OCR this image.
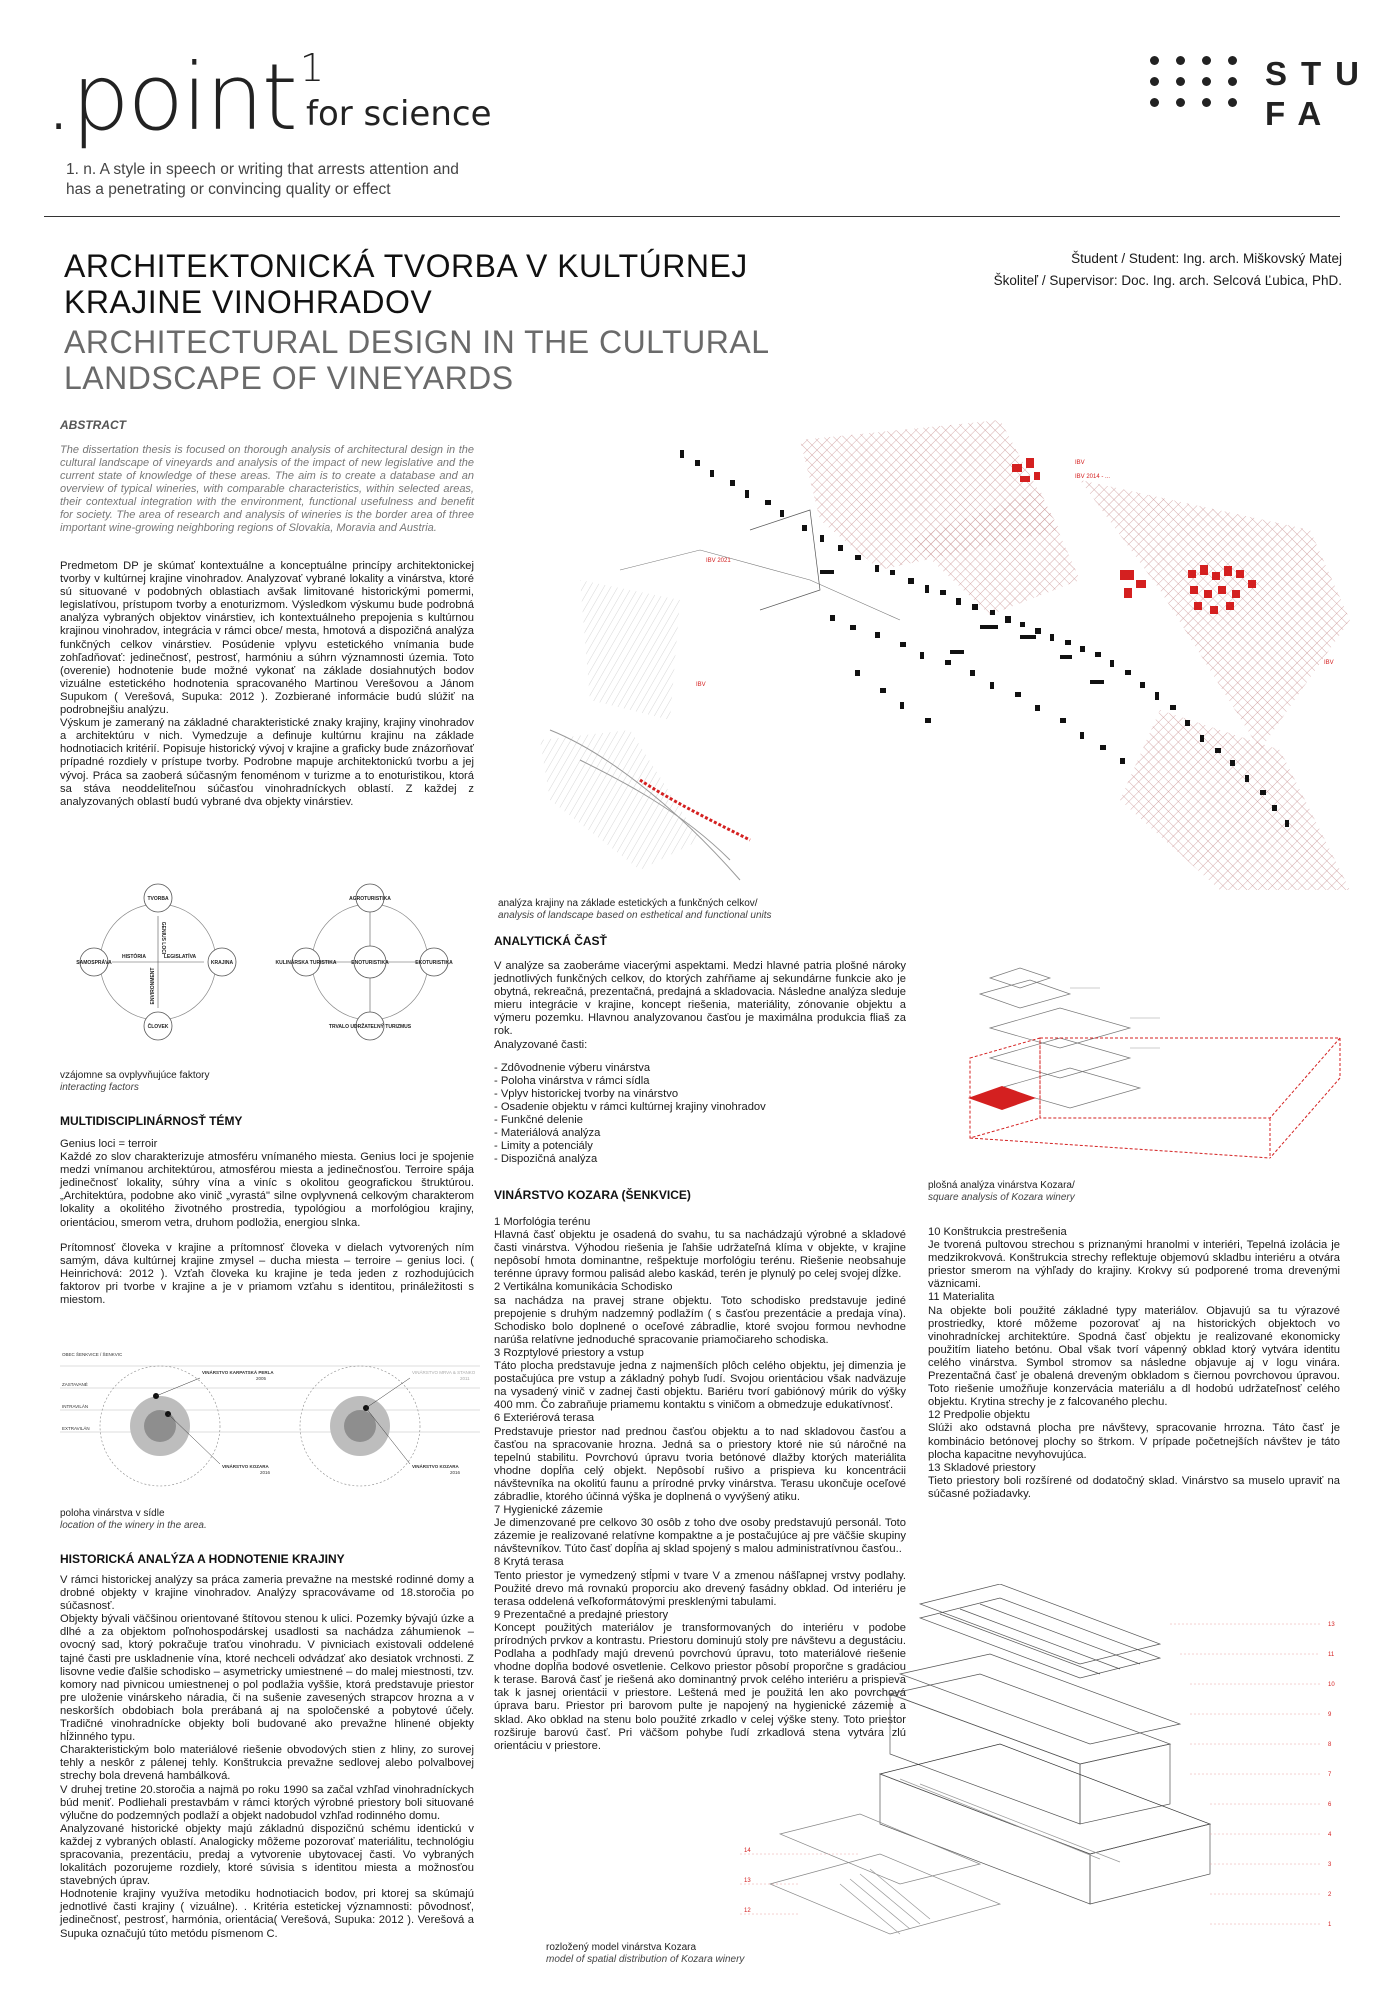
.point $^1$
for science
1. n. A style in speech or writing that arrests attention and has a penetrating or convincing quality or effect
STU
FA
ARCHITEKTONICKÁ TVORBA V KULTÚRNEJ
KRAJINE VINOHRADOV
ARCHITECTURAL DESIGN IN THE CULTURAL
LANDSCAPE OF VINEYARDS
Študent / Student: Ing. arch. Miškovský Matej
Školiteľ / Supervisor: Doc. Ing. arch. Selcová Ľubica, PhD.
ABSTRACT
The dissertation thesis is focused on thorough analysis of architectural design in the cultural landscape of vineyards and analysis of the impact of new legislative and the current state of knowledge of these areas. The aim is to create a database and an overview of typical wineries, with comparable characteristics, within selected areas, their contextual integration with the environment, functional usefulness and benefit for society. The area of research and analysis of wineries is the border area of three important wine-growing neighboring regions of Slovakia, Moravia and Austria.
Predmetom DP je skúmať kontextuálne a konceptuálne princípy architektonickej tvorby v kultúrnej krajine vinohradov. Analyzovať vybrané lokality a vinárstva, ktoré sú situované v podobných oblastiach avšak limitované historickými pomermi, legislatívou, prístupom tvorby a enoturizmom. Výsledkom výskumu bude podrobná analýza vybraných objektov vinárstiev, ich kontextuálneho prepojenia s kultúrnou krajinou vinohradov, integrácia v rámci obce/ mesta, hmotová a dispozičná analýza funkčných celkov vinárstiev. Posúdenie vplyvu estetického vnímania bude zohľadňovať: jedinečnosť, pestrosť, harmóniu a súhrn významnosti územia. Toto (overenie) hodnotenie bude možné vykonať na základe dosiahnutých bodov vizuálne estetického hodnotenia spracovaného Martinou Verešovou a Jánom Supukom ( Verešová, Supuka: 2012 ). Zozbierané informácie budú slúžiť na podrobnejšiu analýzu.
Výskum je zameraný na základné charakteristické znaky krajiny, krajiny vinohradov a architektúru v nich. Vymedzuje a definuje kultúrnu krajinu na základe hodnotiacich kritérií. Popisuje historický vývoj v krajine a graficky bude znázorňovať prípadné rozdiely v prístupe tvorby. Podrobne mapuje architektonickú tvorbu a jej vývoj. Práca sa zaoberá súčasným fenoménom v turizme a to enoturistikou, ktorá sa stáva neoddeliteľnou súčasťou vinohradníckych oblastí. Z každej z analyzovaných oblastí budú vybrané dva objekty vinárstiev.
IBV
IBV 2014 - ...
IBV 2021
IBV
IBV
analýza krajiny na základe estetických a funkčných celkov/
analysis of landscape based on esthetical and functional units
TVORBA
SAMOSPRÁVA	KRAJINA
ČLOVEK
HISTÓRIA	LEGISLATÍVA
GENIUS LOCI
ENVIRONMENT
AGROTURISTIKA
KULINÁRSKA TURISTIKA	ENOTURISTIKA	EKOTURISTIKA
TRVALO UDRŽATEĽNÝ TURIZMUS
vzájomne sa ovplyvňujúce faktory
interacting factors
MULTIDISCIPLINÁRNOSŤ TÉMY
Genius loci = terroir
Každé zo slov charakterizuje atmosféru vnímaného miesta. Genius loci je spojenie medzi vnímanou architektúrou, atmosférou miesta a jedinečnosťou. Terroire spája jedinečnosť lokality, súhry vína a viníc s okolitou geografickou štruktúrou. „Architektúra, podobne ako vinič „vyrastá" silne ovplyvnená celkovým charakterom lokality a okolitého životného prostredia, typológiou a morfológiou krajiny, orientáciou, smerom vetra, druhom podložia, energiou slnka.
Prítomnosť človeka v krajine a prítomnosť človeka v dielach vytvorených ním samým, dáva kultúrnej krajine zmysel – ducha miesta – terroire – genius loci. ( Heinrichová: 2012 ). Vzťah človeka ku krajine je teda jeden z rozhodujúcich faktorov pri tvorbe v krajine a je v priamom vzťahu s identitou, prináležitosti s miestom.
OBEC ŠENKVICE / ŠENKVIC
ZASTAVANÉ
INTRAVILÁN
EXTRAVILÁN
VINÁRSTVO KARPATSKÁ PERLA
2005
VINÁRSTVO KOZARA
2016
VINÁRSTVO MRVA & STANKO
2011
VINÁRSTVO KOZARA
2016
poloha vinárstva v sídle
location of the winery in the area.
HISTORICKÁ ANALÝZA A HODNOTENIE KRAJINY
V rámci historickej analýzy sa práca zameria prevažne na mestské rodinné domy a drobné objekty v krajine vinohradov. Analýzy spracovávame od 18.storočia po súčasnosť.
Objekty bývali väčšinou orientované štítovou stenou k ulici. Pozemky bývajú úzke a dlhé a za objektom poľnohospodárskej usadlosti sa nachádza záhumienok – ovocný sad, ktorý pokračuje traťou vinohradu. V pivniciach existovali oddelené tajné časti pre uskladnenie vína, ktoré nechceli odvádzať ako desiatok vrchnosti. Z lisovne vedie ďalšie schodisko – asymetricky umiestnené – do malej miestnosti, tzv. komory nad pivnicou umiestnenej o pol podlažia vyššie, ktorá predstavuje priestor pre uloženie vinárskeho náradia, či na sušenie zavesených strapcov hrozna a v neskorších obdobiach bola prerábaná aj na spoločenské a pobytové účely. Tradičné vinohradnícke objekty boli budované ako prevažne hlinené objekty hĺžinného typu.
Charakteristickým bolo materiálové riešenie obvodových stien z hliny, zo surovej tehly a neskôr z pálenej tehly. Konštrukcia prevažne sedlovej alebo polvalbovej strechy bola drevená hambálková.
V druhej tretine 20.storočia a najmä po roku 1990 sa začal vzhľad vinohradníckych búd meniť. Podliehali prestavbám v rámci ktorých výrobné priestory boli situované výlučne do podzemných podlaží a objekt nadobudol vzhľad rodinného domu.
Analyzované historické objekty majú základnú dispozičnú schému identickú v každej z vybraných oblastí. Analogicky môžeme pozorovať materiálitu, technológiu spracovania, prezentáciu, predaj a vytvorenie ubytovacej časti. Vo vybraných lokalitách pozorujeme rozdiely, ktoré súvisia s identitou miesta a možnosťou stavebných úprav.
Hodnotenie krajiny využíva metodiku hodnotiacich bodov, pri ktorej sa skúmajú jednotlivé časti krajiny ( vizuálne). . Kritéria estetickej významnosti: pôvodnosť, jedinečnosť, pestrosť, harmónia, orientácia( Verešová, Supuka: 2012 ). Verešová a Supuka označujú túto metódu písmenom C.
ANALYTICKÁ ČASŤ
V analýze sa zaoberáme viacerými aspektami. Medzi hlavné patria plošné nároky jednotlivých funkčných celkov, do ktorých zahŕňame aj sekundárne funkcie ako je obytná, rekreačná, prezentačná, predajná a skladovacia. Následne analýza sleduje mieru integrácie v krajine, koncept riešenia, materiálity, zónovanie objektu a výmeru pozemku. Hlavnou analyzovanou časťou je maximálna produkcia fliaš za rok.
Analyzované časti:
- Zdôvodnenie výberu vinárstva
- Poloha vinárstva v rámci sídla
- Vplyv historickej tvorby na vinárstvo
- Osadenie objektu v rámci kultúrnej krajiny vinohradov
- Funkčné delenie
- Materiálová analýza
- Limity a potenciály
- Dispozičná analýza
plošná analýza vinárstva Kozara/
square analysis of Kozara winery
VINÁRSTVO KOZARA (ŠENKVICE)
1 Morfológia terénu
Hlavná časť objektu je osadená do svahu, tu sa nachádzajú výrobné a skladové časti vinárstva. Výhodou riešenia je ľahšie udržateľná klíma v objekte, v krajine nepôsobí hmota dominantne, rešpektuje morfológiu terénu. Riešenie neobsahuje terénne úpravy formou palisád alebo kaskád, terén je plynulý po celej svojej dĺžke.
2 Vertikálna komunikácia Schodisko
sa nachádza na pravej strane objektu. Toto schodisko predstavuje jediné prepojenie s druhým nadzemný podlažím ( s časťou prezentácie a predaja vína). Schodisko bolo doplnené o oceľové zábradlie, ktoré svojou formou nevhodne narúša relatívne jednoduché spracovanie priamočiareho schodiska.
3 Rozptylové priestory a vstup
Táto plocha predstavuje jedna z najmenších plôch celého objektu, jej dimenzia je postačujúca pre vstup a základný pohyb ľudí. Svojou orientáciou však nadväzuje na vysadený vinič v zadnej časti objektu. Bariéru tvorí gabiónový múrik do výšky 400 mm. Čo zabraňuje priamemu kontaktu s viničom a obmedzuje edukatívnosť.
6 Exteriérová terasa
Predstavuje priestor nad prednou časťou objektu a to nad skladovou časťou a časťou na spracovanie hrozna. Jedná sa o priestory ktoré nie sú náročné na tepelnú stabilitu. Povrchovú úpravu tvoria betónové dlažby ktorých materiálita vhodne dopĺňa celý objekt. Nepôsobí rušivo a prispieva ku koncentrácii návštevníka na okolitú faunu a prírodné prvky vinárstva. Terasu ukončuje oceľové zábradlie, ktorého účinná výška je doplnená o vyvýšený atiku.
7 Hygienické zázemie
Je dimenzované pre celkovo 30 osôb z toho dve osoby predstavujú personál. Toto zázemie je realizované relatívne kompaktne a je postačujúce aj pre väčšie skupiny návštevníkov. Túto časť dopĺňa aj sklad spojený s malou administratívnou časťou..
8 Krytá terasa
Tento priestor je vymedzený stĺpmi v tvare V a zmenou nášľapnej vrstvy podlahy. Použité drevo má rovnakú proporciu ako drevený fasádny obklad. Od interiéru je terasa oddelená veľkoformátovými presklenými tabulami.
9 Prezentačné a predajné priestory
Koncept použitých materiálov je transformovaných do interiéru v podobe prírodných prvkov a kontrastu. Priestoru dominujú stoly pre návštevu a degustáciu. Podlaha a podhľady majú drevenú povrchovú úpravu, toto materiálové riešenie vhodne dopĺňa bodové osvetlenie. Celkovo priestor pôsobí proporčne s gradáciou k terase. Barová časť je riešená ako dominantný prvok celého interiéru a prispieva tak k jasnej orientácii v priestore. Leštená med je použitá len ako povrchová úprava baru. Priestor pri barovom pulte je napojený na hygienické zázemie a sklad. Ako obklad na stenu bolo použité zrkadlo v celej výške steny. Toto priestor rozširuje barovú časť. Pri väčšom pohybe ľudí zrkadlová stena vytvára zlú orientáciu v priestore.
10 Konštrukcia prestrešenia
Je tvorená pultovou strechou s priznanými hranolmi v interiéri, Tepelná izolácia je medzikrokvová. Konštrukcia strechy reflektuje objemovú skladbu interiéru a otvára priestor smerom na výhľady do krajiny. Krokvy sú podporené troma drevenými väznicami.
11 Materialita
Na objekte boli použité základné typy materiálov. Objavujú sa tu výrazové prostriedky, ktoré môžeme pozorovať aj na historických objektoch vo vinohradníckej architektúre. Spodná časť objektu je realizované ekonomicky použitím liateho betónu. Obal však tvorí vápenný obklad ktorý vytvára identitu celého vinárstva. Symbol stromov sa následne objavuje aj v logu vinára. Prezentačná časť je obalená dreveným obkladom s čiernou povrchovou úpravou. Toto riešenie umožňuje konzervácia materiálu a dl hodobú udržateľnosť celého objektu. Krytina strechy je z falcovaného plechu.
12 Predpolie objektu
Slúži ako odstavná plocha pre návštevy, spracovanie hrrozna. Táto časť je kombinácio betónovej plochy so štrkom. V prípade početnejších návštev je táto plocha kapacitne nevyhovujúca.
13 Skladové priestory
Tieto priestory boli rozšírené od dodatočný sklad. Vinárstvo sa muselo upraviť na súčasné požiadavky.
13
11
10
9
8
7
6
4
3
2
1
14
13
12
rozložený model vinárstva Kozara
model of spatial distribution of Kozara winery
